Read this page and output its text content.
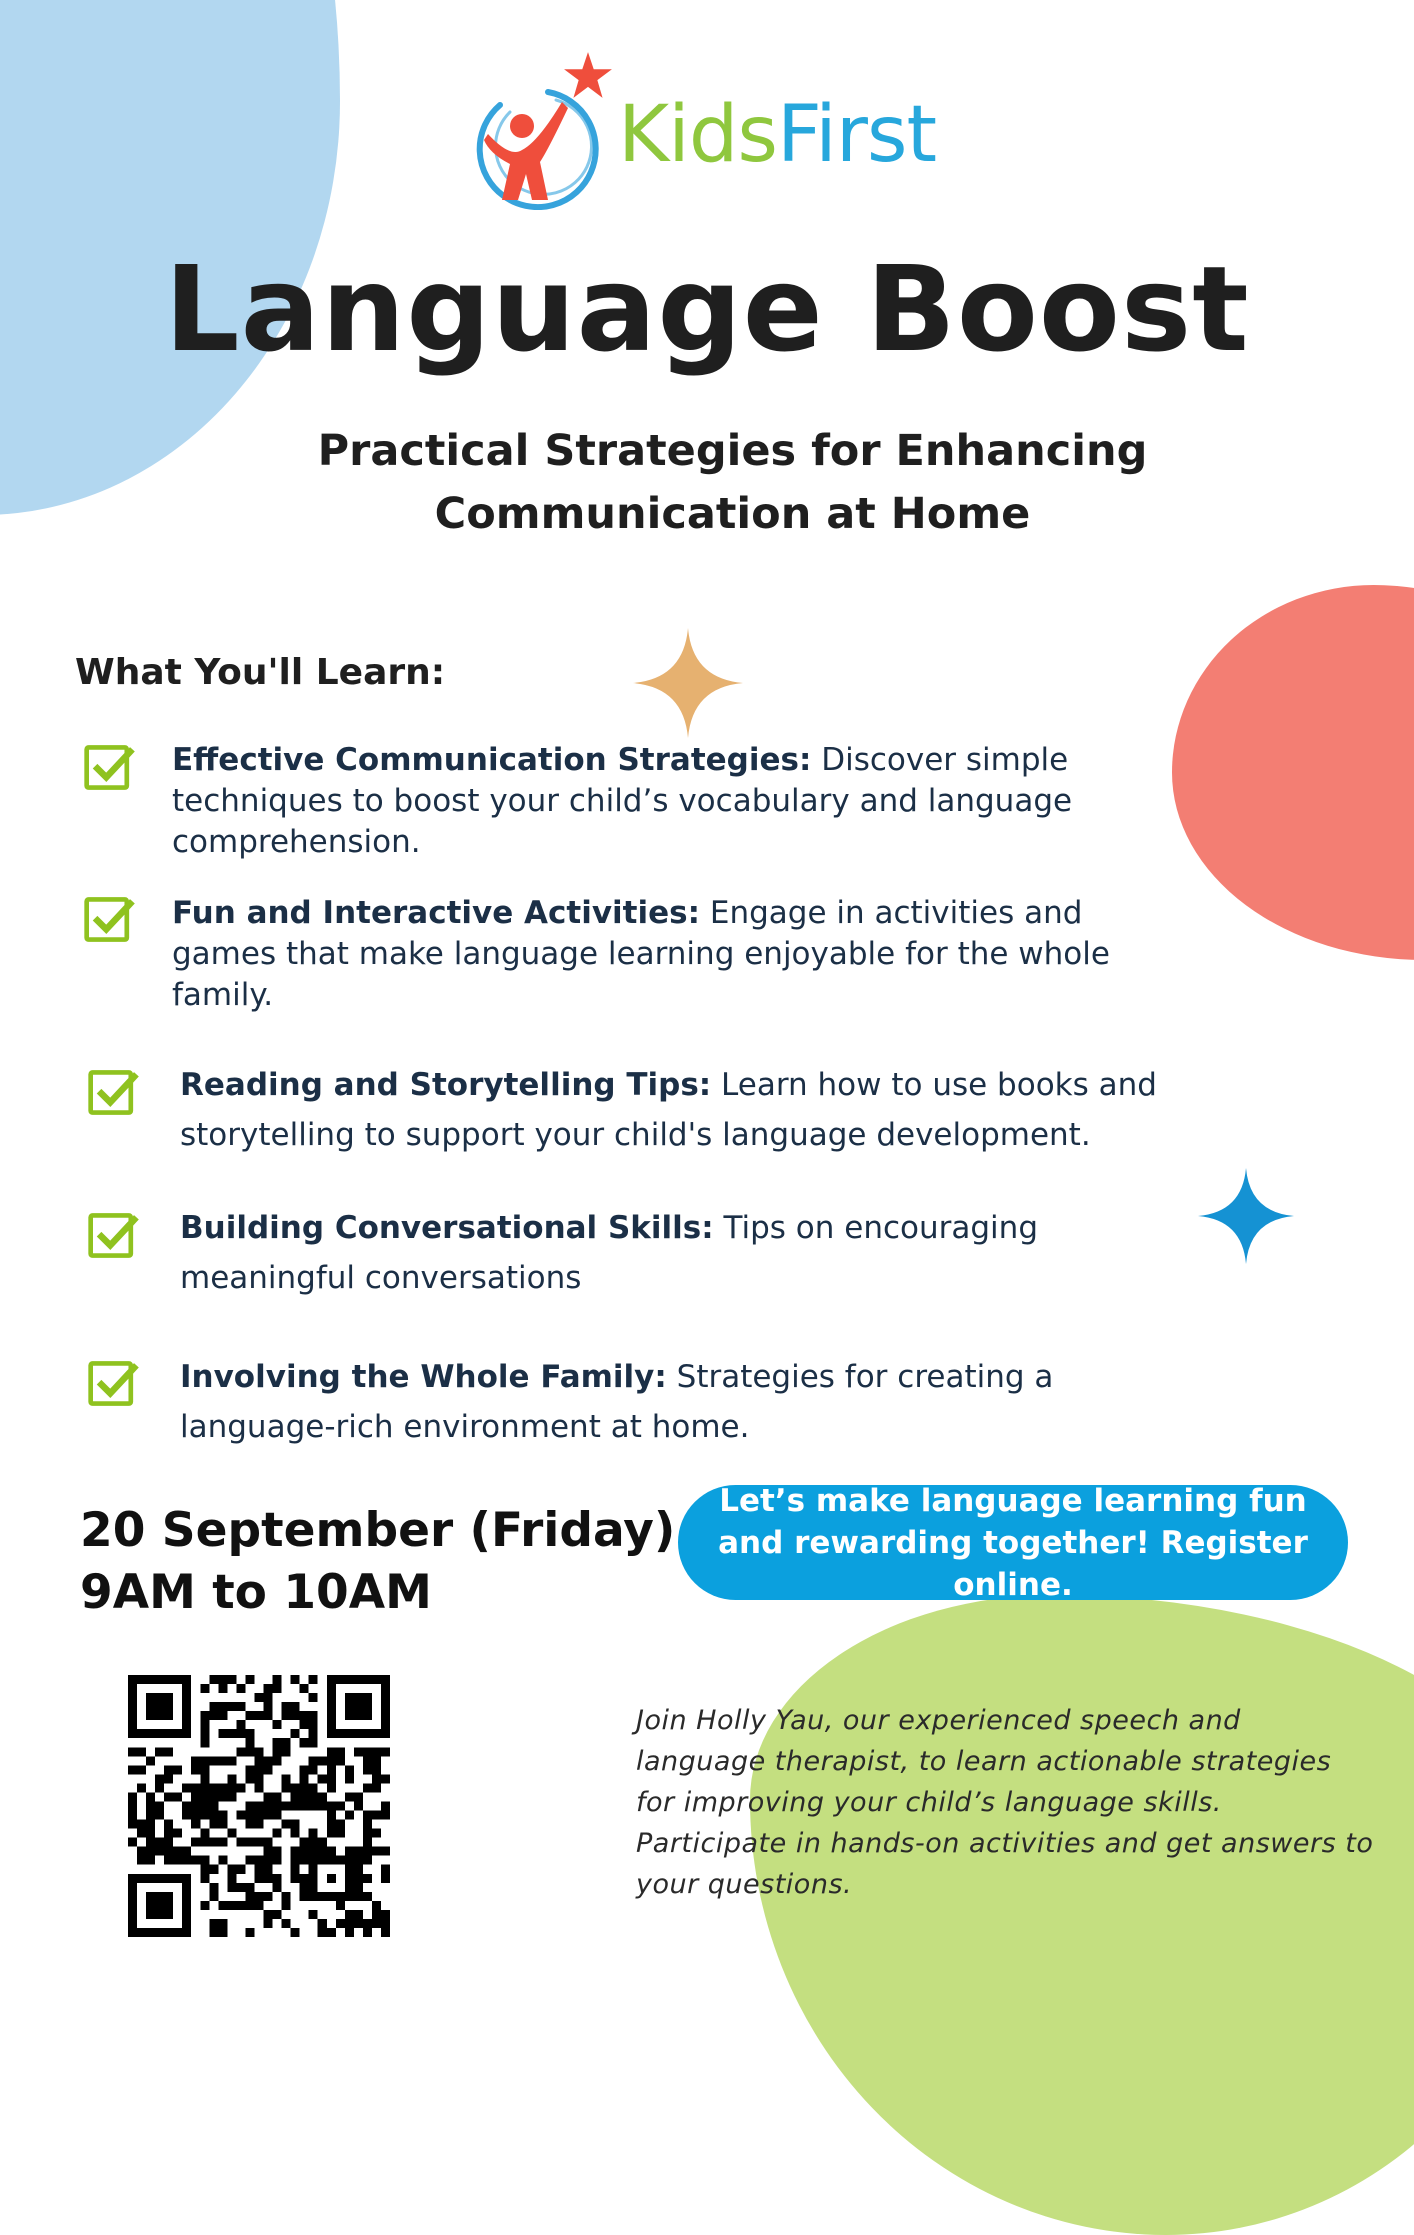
KidsFirst
Language Boost
Practical Strategies for Enhancing Communication at Home
What You'll Learn:
Effective Communication Strategies: Discover simple techniques to boost your child’s vocabulary and language comprehension.
Fun and Interactive Activities: Engage in activities and games that make language learning enjoyable for the whole family.
Reading and Storytelling Tips: Learn how to use books and storytelling to support your child's language development.
Building Conversational Skills: Tips on encouraging meaningful conversations
Involving the Whole Family: Strategies for creating a language-rich environment at home.
20 September (Friday)
9AM to 10AM
Let’s make language learning fun and rewarding together! Register online.
Join Holly Yau, our experienced speech and language therapist, to learn actionable strategies for improving your child’s language skills. Participate in hands-on activities and get answers to your questions.
